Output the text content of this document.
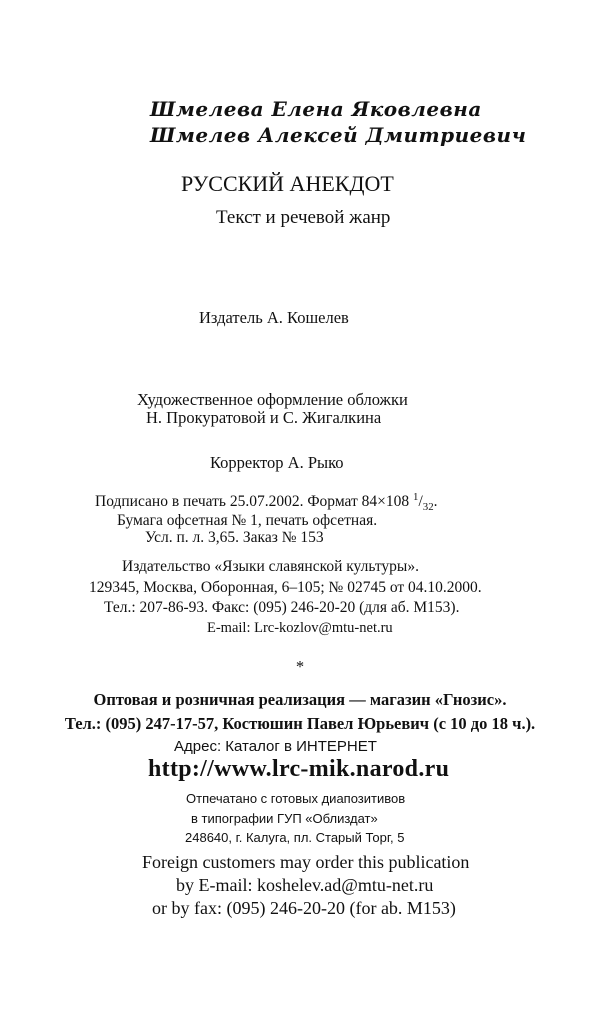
Шмелева Елена Яковлевна
Шмелев Алексей Дмитриевич
РУССКИЙ АНЕКДОТ
Текст и речевой жанр
Издатель А. Кошелев
Художественное оформление обложки
Н. Прокуратовой и С. Жигалкина
Корректор А. Рыко
Подписано в печать 25.07.2002. Формат 84×108 $^1/_{32}$.
Бумага офсетная № 1, печать офсетная.
Усл. п. л. 3,65. Заказ № 153
Издательство «Языки славянской культуры».
129345, Москва, Оборонная, 6–105; № 02745 от 04.10.2000.
Тел.: 207-86-93. Факс: (095) 246-20-20 (для аб. М153).
E-mail: Lrc-kozlov@mtu-net.ru
*
Оптовая и розничная реализация — магазин «Гнозис».
Тел.: (095) 247-17-57, Костюшин Павел Юрьевич (с 10 до 18 ч.).
Адрес: Каталог в ИНТЕРНЕТ
http://www.lrc-mik.narod.ru
Отпечатано с готовых диапозитивов
в типографии ГУП «Облиздат»
248640, г. Калуга, пл. Старый Торг, 5
Foreign customers may order this publication
by E-mail: koshelev.ad@mtu-net.ru
or by fax: (095) 246-20-20 (for ab. M153)
